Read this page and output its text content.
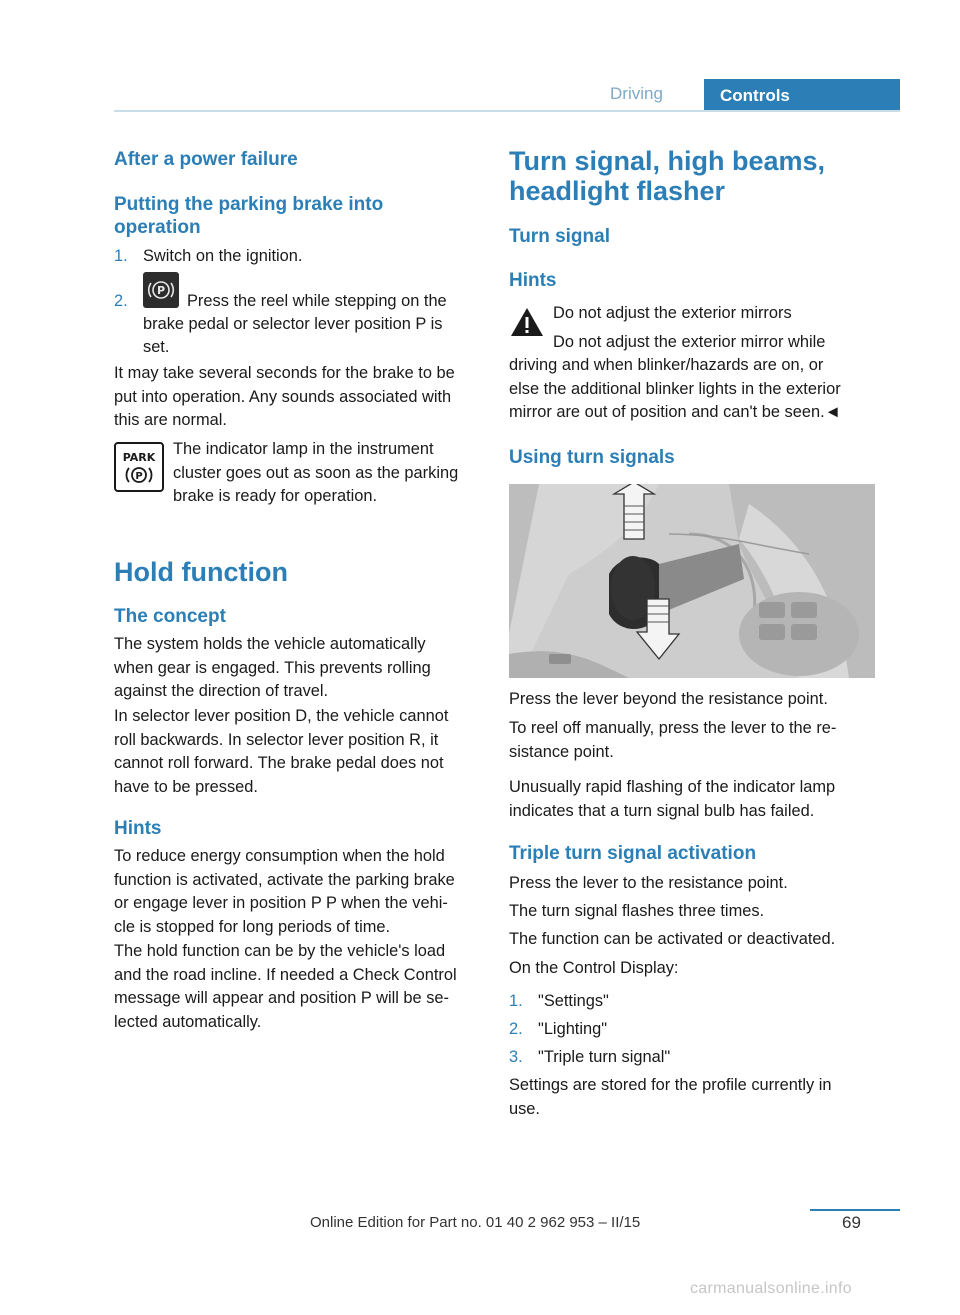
Driving	Controls
After a power failure
Putting the parking brake into operation
1. Switch on the ignition.
2.
P
Press the reel while stepping on the
brake pedal or selector lever position P is
set.
It may take several seconds for the brake to be
put into operation. Any sounds associated with
this are normal.
PARK
P
The indicator lamp in the instrument
cluster goes out as soon as the parking
brake is ready for operation.
Hold function
The concept
The system holds the vehicle automatically
when gear is engaged. This prevents rolling
against the direction of travel.
In selector lever position D, the vehicle cannot
roll backwards. In selector lever position R, it
cannot roll forward. The brake pedal does not
have to be pressed.
Hints
To reduce energy consumption when the hold
function is activated, activate the parking brake
or engage lever in position P P when the vehi-
cle is stopped for long periods of time.
The hold function can be by the vehicle's load
and the road incline. If needed a Check Control
message will appear and position P will be se-
lected automatically.
Turn signal, high beams,
headlight flasher
Turn signal
Hints
Do not adjust the exterior mirrors
Do not adjust the exterior mirror while
driving and when blinker/hazards are on, or
else the additional blinker lights in the exterior
mirror are out of position and can't be seen.◄
Using turn signals
Press the lever beyond the resistance point.
To reel off manually, press the lever to the re-
sistance point.
Unusually rapid flashing of the indicator lamp
indicates that a turn signal bulb has failed.
Triple turn signal activation
Press the lever to the resistance point.
The turn signal flashes three times.
The function can be activated or deactivated.
On the Control Display:
1. "Settings"
2. "Lighting"
3. "Triple turn signal"
Settings are stored for the profile currently in
use.
Online Edition for Part no. 01 40 2 962 953 – II/15	69
carmanualsonline.info
